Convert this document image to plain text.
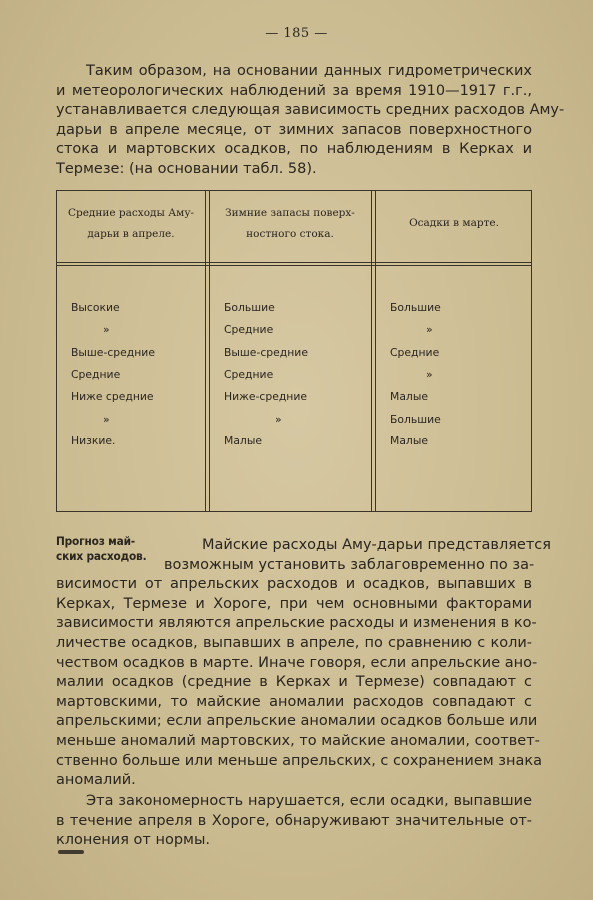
— 185 —
Таким образом, на основании данных гидрометрических
и метеорологических наблюдений за время 1910—1917 г.г.,
устанавливается следующая зависимость средних расходов Аму-
дарьи в апреле месяце, от зимних запасов поверхностного
стока и мартовских осадков, по наблюдениям в Керках и
Термезе: (на основании табл. 58).
Средние расходы Аму-
дарьи в апреле.
Зимние запасы поверх-
ностного стока.
Осадки в марте.
Высокие
»
Выше-средние
Средние
Ниже средние
»
Низкие.
Большие
Средние
Выше-средние
Средние
Ниже-средние
»
Малые
Большие
»
Средние
»
Малые
Большие
Малые
Прогноз май-
ских расходов.
Майские расходы Аму-дарьи представляется
возможным установить заблаговременно по за-
висимости от апрельских расходов и осадков, выпавших в
Керках, Термезе и Хороге, при чем основными факторами
зависимости являются апрельские расходы и изменения в ко-
личестве осадков, выпавших в апреле, по сравнению с коли-
чеством осадков в марте. Иначе говоря, если апрельские ано-
малии осадков (средние в Керках и Термезе) совпадают с
мартовскими, то майские аномалии расходов совпадают с
апрельскими; если апрельские аномалии осадков больше или
меньше аномалий мартовских, то майские аномалии, соответ-
ственно больше или меньше апрельских, с сохранением знака
аномалий.
Эта закономерность нарушается, если осадки, выпавшие
в течение апреля в Хороге, обнаруживают значительные от-
клонения от нормы.
